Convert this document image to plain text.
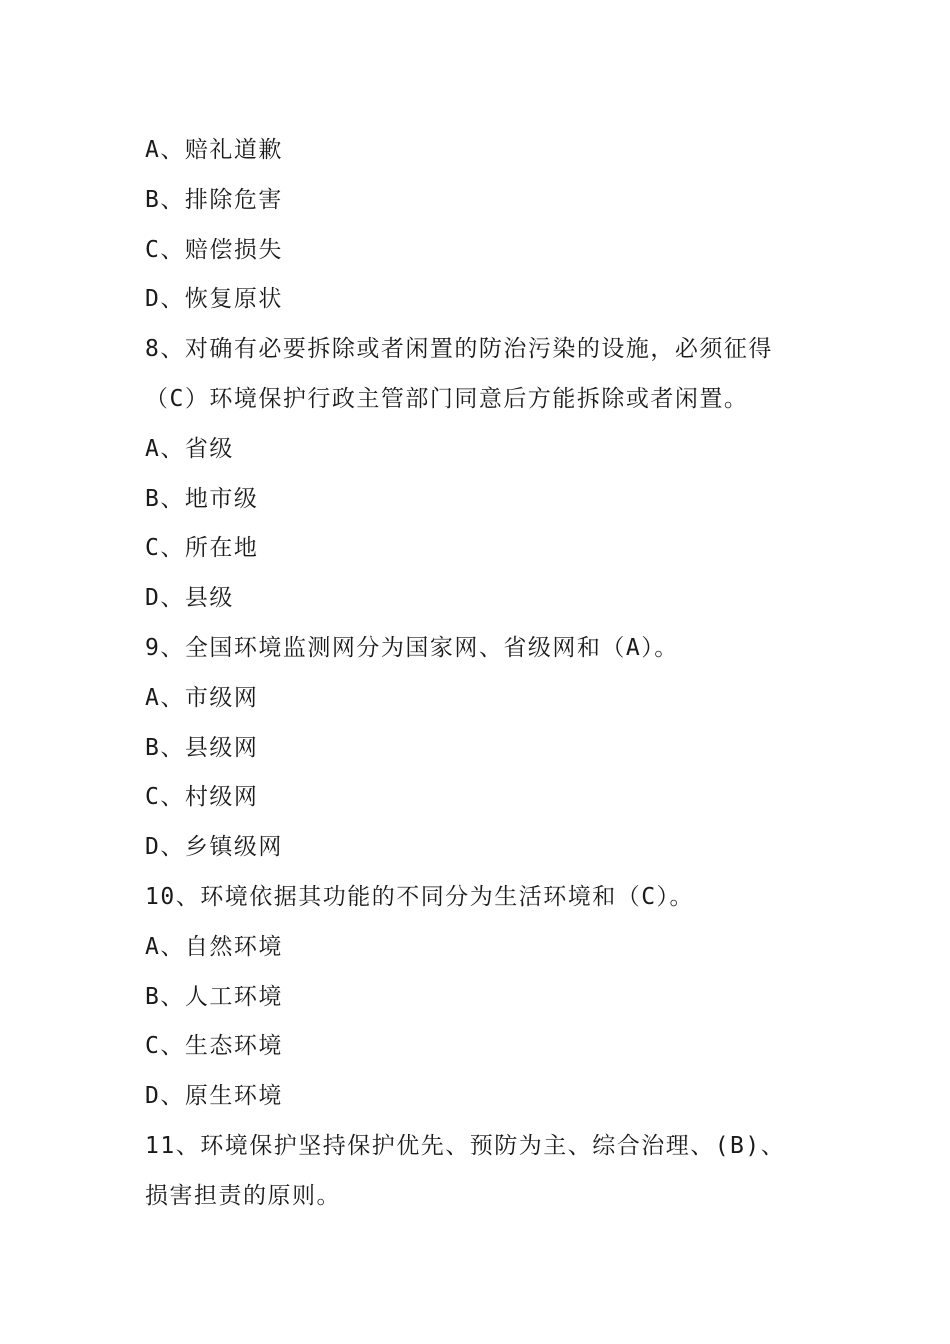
A、赔礼道歉
B、排除危害
C、赔偿损失
D、恢复原状
8、对确有必要拆除或者闲置的防治污染的设施，必须征得
（C）环境保护行政主管部门同意后方能拆除或者闲置。
A、省级
B、地市级
C、所在地
D、县级
9、全国环境监测网分为国家网、省级网和（A）。
A、市级网
B、县级网
C、村级网
D、乡镇级网
10、环境依据其功能的不同分为生活环境和（C）。
A、自然环境
B、人工环境
C、生态环境
D、原生环境
11、环境保护坚持保护优先、预防为主、综合治理、(B)、
损害担责的原则。
